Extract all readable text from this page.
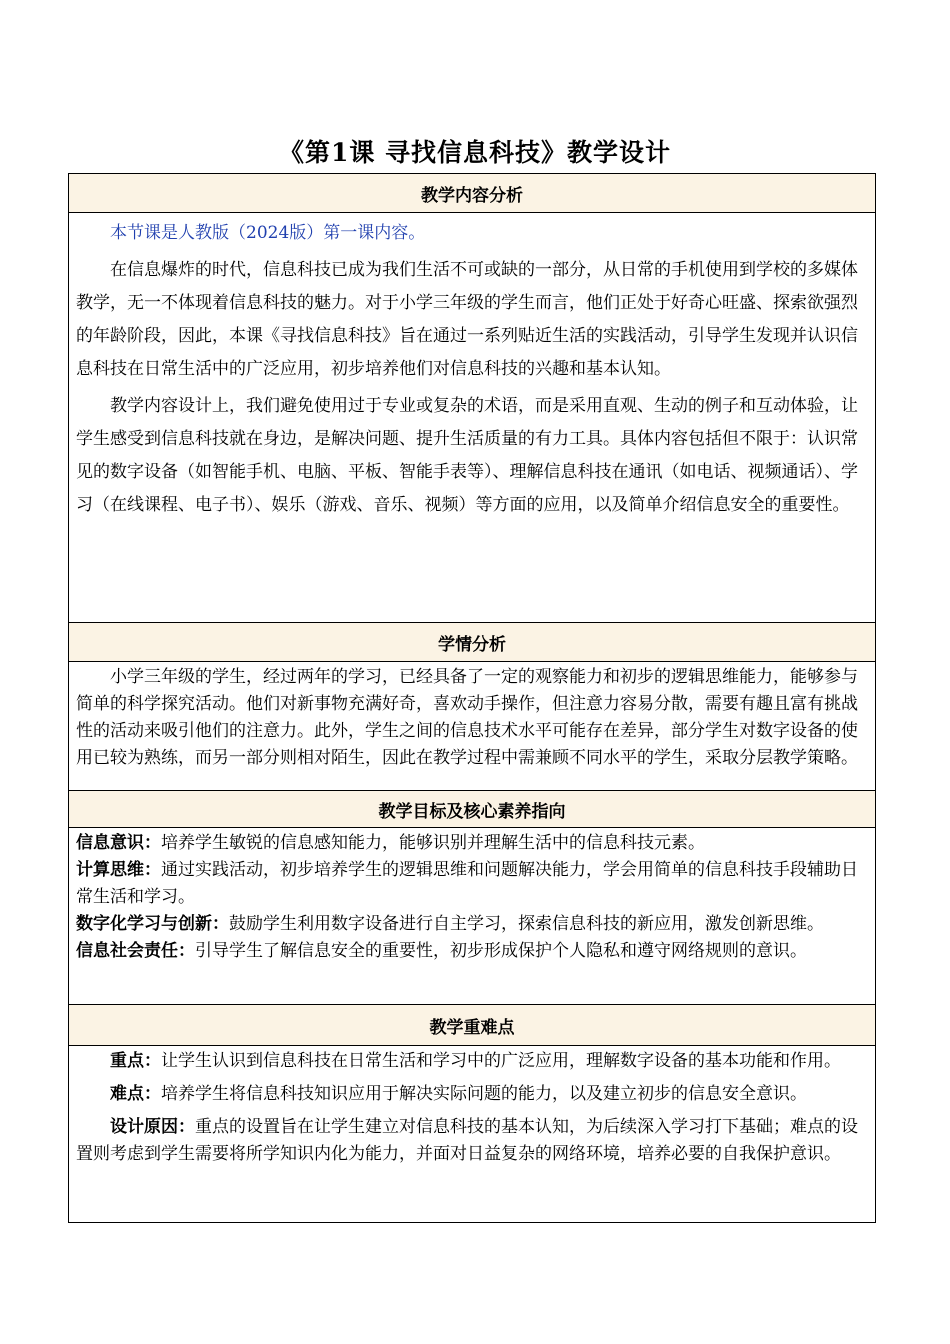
《第1课 寻找信息科技》教学设计
教学内容分析

本节课是人教版（2024版）第一课内容。

在信息爆炸的时代，信息科技已成为我们生活不可或缺的一部分，从日常的手机使用到学校的多媒体教学，无一不体现着信息科技的魅力。对于小学三年级的学生而言，他们正处于好奇心旺盛、探索欲强烈的年龄阶段，因此，本课《寻找信息科技》旨在通过一系列贴近生活的实践活动，引导学生发现并认识信息科技在日常生活中的广泛应用，初步培养他们对信息科技的兴趣和基本认知。

教学内容设计上，我们避免使用过于专业或复杂的术语，而是采用直观、生动的例子和互动体验，让学生感受到信息科技就在身边，是解决问题、提升生活质量的有力工具。具体内容包括但不限于：认识常见的数字设备（如智能手机、电脑、平板、智能手表等）、理解信息科技在通讯（如电话、视频通话）、学习（在线课程、电子书）、娱乐（游戏、音乐、视频）等方面的应用，以及简单介绍信息安全的重要性。

学情分析

小学三年级的学生，经过两年的学习，已经具备了一定的观察能力和初步的逻辑思维能力，能够参与简单的科学探究活动。他们对新事物充满好奇，喜欢动手操作，但注意力容易分散，需要有趣且富有挑战性的活动来吸引他们的注意力。此外，学生之间的信息技术水平可能存在差异，部分学生对数字设备的使用已较为熟练，而另一部分则相对陌生，因此在教学过程中需兼顾不同水平的学生，采取分层教学策略。

教学目标及核心素养指向

信息意识：培养学生敏锐的信息感知能力，能够识别并理解生活中的信息科技元素。

计算思维：通过实践活动，初步培养学生的逻辑思维和问题解决能力，学会用简单的信息科技手段辅助日常生活和学习。

数字化学习与创新：鼓励学生利用数字设备进行自主学习，探索信息科技的新应用，激发创新思维。

信息社会责任：引导学生了解信息安全的重要性，初步形成保护个人隐私和遵守网络规则的意识。

教学重难点

重点：让学生认识到信息科技在日常生活和学习中的广泛应用，理解数字设备的基本功能和作用。

难点：培养学生将信息科技知识应用于解决实际问题的能力，以及建立初步的信息安全意识。

设计原因：重点的设置旨在让学生建立对信息科技的基本认知，为后续深入学习打下基础；难点的设置则考虑到学生需要将所学知识内化为能力，并面对日益复杂的网络环境，培养必要的自我保护意识。
